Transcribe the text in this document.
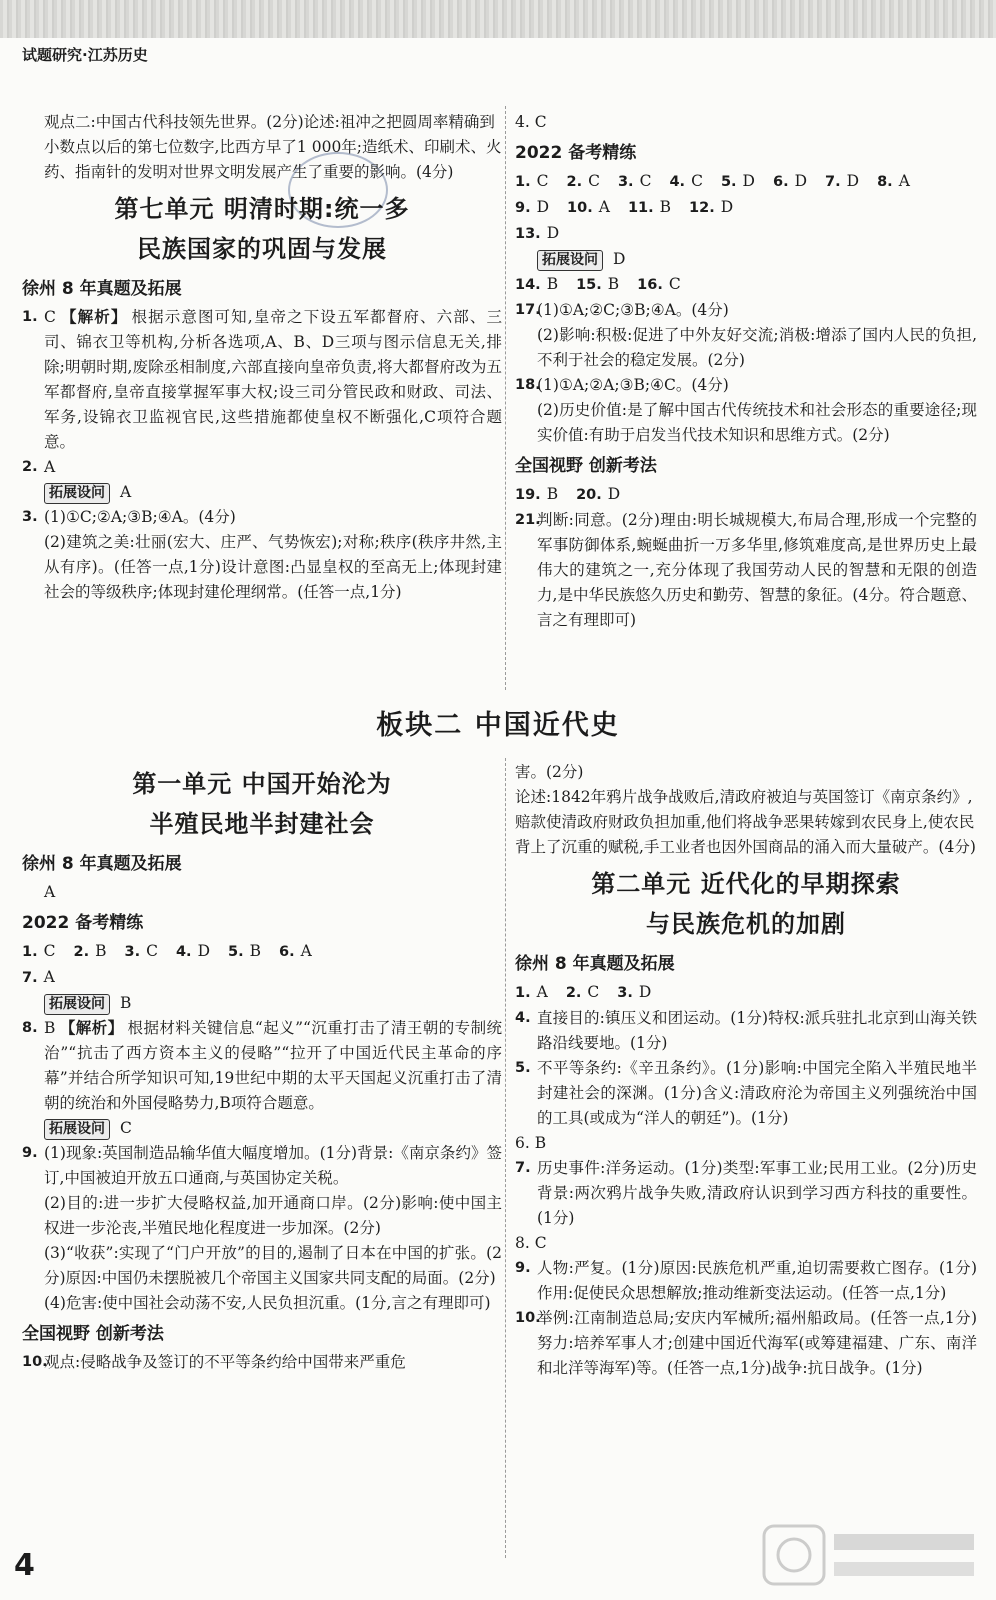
试题研究·江苏历史
观点二:中国古代科技领先世界。(2分)论述:祖冲之把圆周率精确到小数点以后的第七位数字,比西方早了1 000年;造纸术、印刷术、火药、指南针的发明对世界文明发展产生了重要的影响。(4分)
第七单元 明清时期:统一多
民族国家的巩固与发展
徐州 8 年真题及拓展
1. C 【解析】 根据示意图可知,皇帝之下设五军都督府、六部、三司、锦衣卫等机构,分析各选项,A、B、D三项与图示信息无关,排除;明朝时期,废除丞相制度,六部直接向皇帝负责,将大都督府改为五军都督府,皇帝直接掌握军事大权;设三司分管民政和财政、司法、军务,设锦衣卫监视官民,这些措施都使皇权不断强化,C项符合题意。
2. A
拓展设问 A
3. (1)①C;②A;③B;④A。(4分)
(2)建筑之美:壮丽(宏大、庄严、气势恢宏);对称;秩序(秩序井然,主从有序)。(任答一点,1分)设计意图:凸显皇权的至高无上;体现封建社会的等级秩序;体现封建伦理纲常。(任答一点,1分)
4. C
2022 备考精练
1. C 2. C 3. C 4. C 5. D 6. D 7. D 8. A
9. D 10. A 11. B 12. D
13. D
拓展设问 D
14. B 15. B 16. C
17.
(1)①A;②C;③B;④A。(4分)
(2)影响:积极:促进了中外友好交流;消极:增添了国内人民的负担,不利于社会的稳定发展。(2分)
18.
(1)①A;②A;③B;④C。(4分)
(2)历史价值:是了解中国古代传统技术和社会形态的重要途径;现实价值:有助于启发当代技术知识和思维方式。(2分)
全国视野 创新考法
19. B 20. D
21.
判断:同意。(2分)理由:明长城规模大,布局合理,形成一个完整的军事防御体系,蜿蜒曲折一万多华里,修筑难度高,是世界历史上最伟大的建筑之一,充分体现了我国劳动人民的智慧和无限的创造力,是中华民族悠久历史和勤劳、智慧的象征。(4分。符合题意、言之有理即可)
板块二 中国近代史
第一单元 中国开始沦为
半殖民地半封建社会
徐州 8 年真题及拓展
A
2022 备考精练
1. C 2. B 3. C 4. D 5. B 6. A
7. A
拓展设问 B
8. B 【解析】 根据材料关键信息“起义”“沉重打击了清王朝的专制统治”“抗击了西方资本主义的侵略”“拉开了中国近代民主革命的序幕”并结合所学知识可知,19世纪中期的太平天国起义沉重打击了清朝的统治和外国侵略势力,B项符合题意。
拓展设问 C
9. (1)现象:英国制造品输华值大幅度增加。(1分)背景:《南京条约》签订,中国被迫开放五口通商,与英国协定关税。
(2)目的:进一步扩大侵略权益,加开通商口岸。(2分)影响:使中国主权进一步沦丧,半殖民地化程度进一步加深。(2分)
(3)“收获”:实现了“门户开放”的目的,遏制了日本在中国的扩张。(2分)原因:中国仍未摆脱被几个帝国主义国家共同支配的局面。(2分)
(4)危害:使中国社会动荡不安,人民负担沉重。(1分,言之有理即可)
全国视野 创新考法
10.
观点:侵略战争及签订的不平等条约给中国带来严重危
害。(2分)
论述:1842年鸦片战争战败后,清政府被迫与英国签订《南京条约》,赔款使清政府财政负担加重,他们将战争恶果转嫁到农民身上,使农民背上了沉重的赋税,手工业者也因外国商品的涌入而大量破产。(4分)
第二单元 近代化的早期探索
与民族危机的加剧
徐州 8 年真题及拓展
1. A 2. C 3. D
4. 直接目的:镇压义和团运动。(1分)特权:派兵驻扎北京到山海关铁路沿线要地。(1分)
5. 不平等条约:《辛丑条约》。(1分)影响:中国完全陷入半殖民地半封建社会的深渊。(1分)含义:清政府沦为帝国主义列强统治中国的工具(或成为“洋人的朝廷”)。(1分)
6. B
7. 历史事件:洋务运动。(1分)类型:军事工业;民用工业。(2分)历史背景:两次鸦片战争失败,清政府认识到学习西方科技的重要性。(1分)
8. C
9. 人物:严复。(1分)原因:民族危机严重,迫切需要救亡图存。(1分)作用:促使民众思想解放;推动维新变法运动。(任答一点,1分)
10.
举例:江南制造总局;安庆内军械所;福州船政局。(任答一点,1分)努力:培养军事人才;创建中国近代海军(或筹建福建、广东、南洋和北洋等海军)等。(任答一点,1分)战争:抗日战争。(1分)
4
